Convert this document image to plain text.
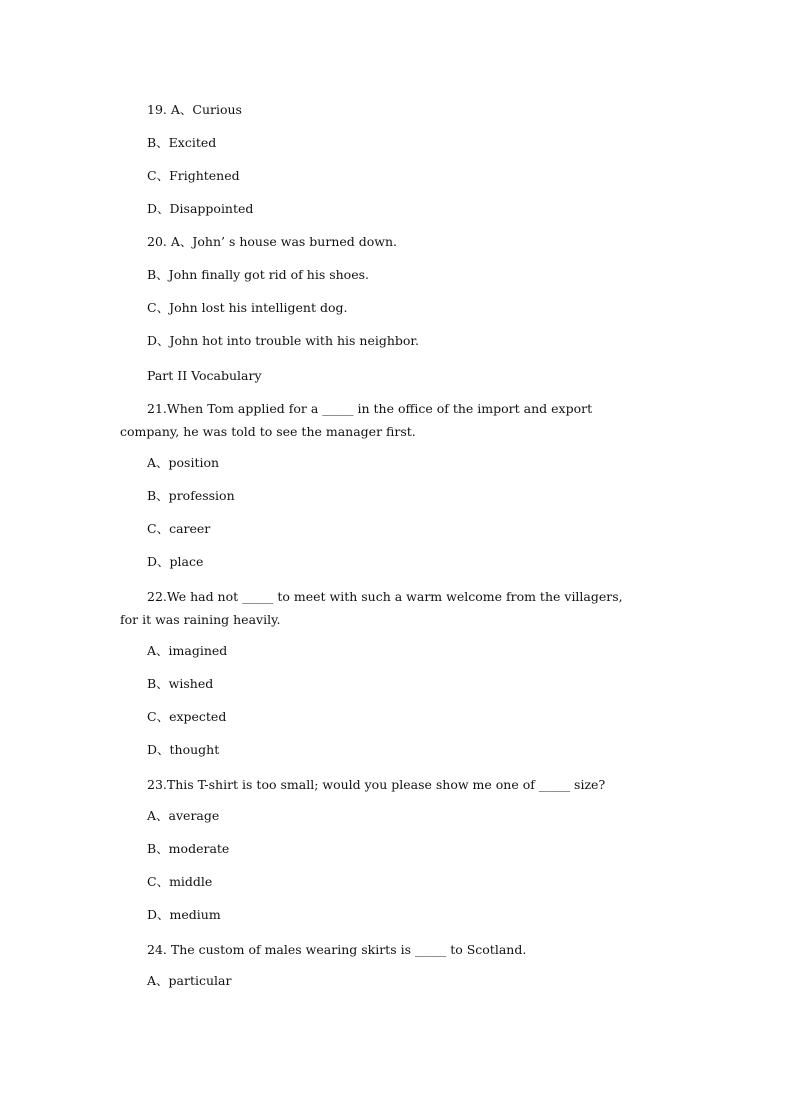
19. A、Curious

B、Excited

C、Frightened

D、Disappointed

20. A、John’ s house was burned down.

B、John finally got rid of his shoes.

C、John lost his intelligent dog.

D、John hot into trouble with his neighbor.

Part II Vocabulary

21.When Tom applied for a _____ in the office of the import and export

company, he was told to see the manager first.

A、position

B、profession

C、career

D、place

22.We had not _____ to meet with such a warm welcome from the villagers,

for it was raining heavily.

A、imagined

B、wished

C、expected

D、thought

23.This T-shirt is too small; would you please show me one of _____ size?

A、average

B、moderate

C、middle

D、medium

24. The custom of males wearing skirts is _____ to Scotland.

A、particular
